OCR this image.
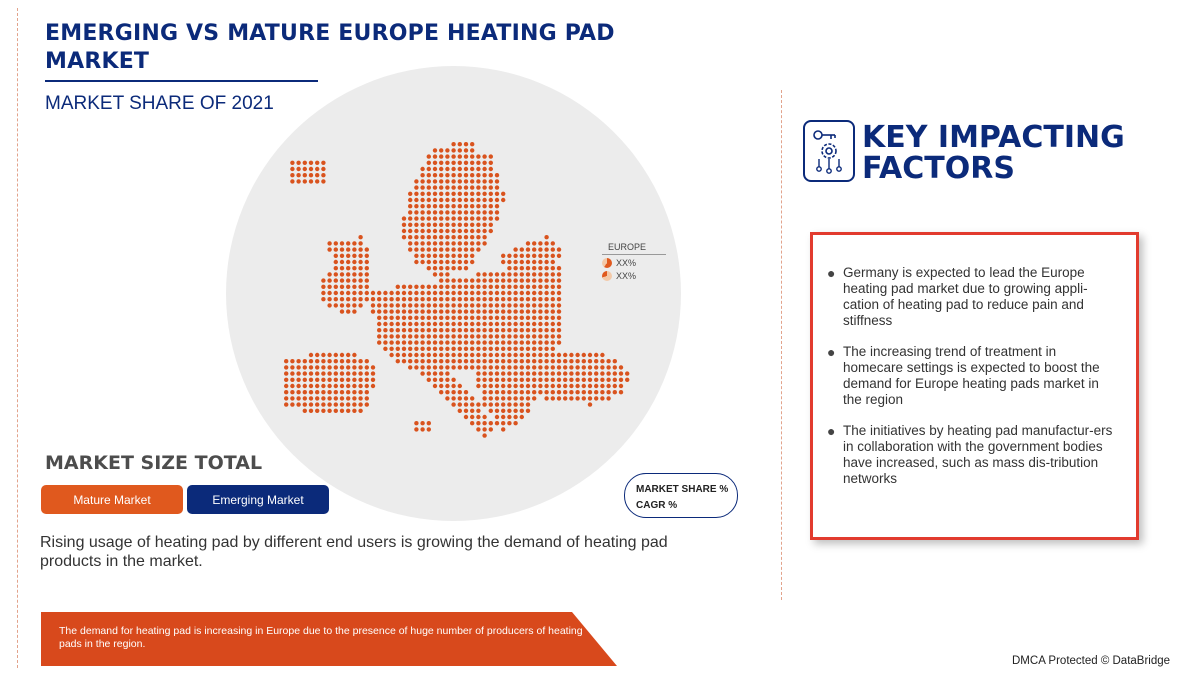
EMERGING VS MATURE EUROPE HEATING PAD MARKET
MARKET SHARE OF 2021
EUROPE
XX%
XX%
KEY IMPACTING
FACTORS
● Germany is expected to lead the Europe heating pad market due to growing appli-cation of heating pad to reduce pain and stiffness
● The increasing trend of treatment in homecare settings is expected to boost the demand for Europe heating pads market in the region
● The initiatives by heating pad manufactur-ers in collaboration with the government bodies have increased, such as mass dis-tribution networks
MARKET SIZE TOTAL
Mature Market	Emerging Market
MARKET SHARE %
CAGR %
Rising usage of heating pad by different end users is growing the demand of heating pad products in the market.
The demand for heating pad is increasing in Europe due to the presence of huge number of producers of heating pads in the region.
DMCA Protected © DataBridge
